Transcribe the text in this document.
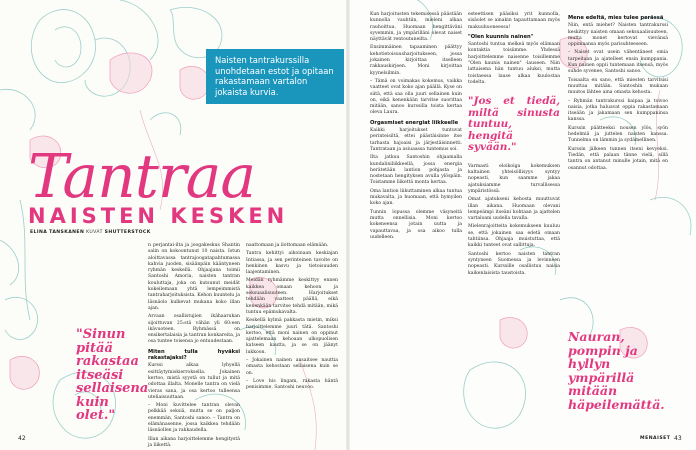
Naisten tantrakurssilla unohdetaan estot ja opitaan rakastamaan vartalon jokaista kurvia.
Tantraa
NAISTEN KESKEN
ELINA TANSKANEN KUVAT SHUTTERSTOCK

n perjantai-ilta ja joogakeskus Shantin salin on kokoontunut 10 naista. Istun aloittavassa tantrajoogatapahtumassa kahvia juoden, sisäänpäin kääntyneen ryhmän keskellä. Ohjaajana toimii Santoshi Amoria, naisten tantran kouluttaja, joka on kutsunut meidät kokeilemaan yhtä lempeimmistä tantraharjoituksista. Kehon kuuntelu ja läsnäolo kulkevat mukana koko illan ajan.

Arvaan osallistujien ikähaarukan sijoittuvan 25:stä vähän yli 60:een ikävuoteen. Ryhmässä on ensikertalaisia ja tantran konkareita, ja osa tuntee toisensa jo entuudestaan.

Miten tulla hyväksi rakastajaksi?

Kurssi alkaa lyhyellä esittäytymiskierroksella. Jokainen kertoo, mistä syystä on tullut ja mitä odottaa illalta. Monelle tantra on vielä vieras sana, ja osa kertoo tulleensa uteliaisuuttaan.

– Moni kuvittelee tantran olevan pelkkää seksiä, mutta se on paljon enemmän, Santoshi sanoo. – Tantra on elämänasenne, jossa kaikkea tehdään läsnäollen ja rakkaudella.

Illan aikana harjoittelemme hengitystä ja liikettä.

naattomaan ja ilottomaan elämään.

Tantra kehittyi aikoinaan keskiajan Intiassa, ja sen perinteinen tavoite on henkinen kasvu ja tietoisuuden laajentaminen.

Meidän ryhmämme keskittyy ennen kaikkea omaan kehoon ja seksuaalisuuteen. Harjoitukset tehdään vaatteet päällä, eikä kenenkään tarvitse tehdä mitään, mikä tuntuu epämukavalta.

Keskellä kylmä pakkasta mietin, miksi harjoittelemme juuri tätä. Santoshi kertoo, että moni nainen on oppinut ajattelemaan kehoaan ulkopuolisen katseen kautta, ja se on jäänyt lukkoon.

– Jokainen nainen ansaitsee nauttia omasta kehostaan sellaisena kuin se on.

– Love his lingam, rakasta häntä penisimme, Santoshi neuvoo.

"Sinun pitää rakastaa itseäsi sellaisena kuin olet."
42

Kun harjoitusten tekemisessä päästään kunnolla vauhtiin, mieleni alkaa rauhoittua. Huomaan hengittäväni syvemmin, ja ympärilläni olevat naiset näyttävät rentoutuneilta.

Ensimmäinen tapaaminen päättyy kehotietoisuusharjoitukseen, jossa jokainen kirjoittaa itselleen rakkauskirjeen. Moni kirjoittaa kyynelsilmin.

– Tämä on voimakas kokemus, vaikka vaatteet ovat koko ajan päällä. Kyse on siitä, että saa olla juuri sellainen kuin on, eikä kenenkään tarvitse suorittaa mitään, sanoo kurssilla toista kertaa oleva Laura.

Orgasmiset energiat liikkeelle

Kaikki harjoitukset tuntuvat perinteisiltä, ettei päästäisinne itse tarhasta hajoaisi ja järjestäisinnetti. Tantrataan ja asiuaassa tuntemus soi.

Ilta jatkuu Santoshin ohjaamalla kundaliniliikkeellä, jossa energia herätetään lantion pohjasta ja nostetaan hengityksen avulla ylöspäin. Toistamme liikettä monta kertaa.

Oma lantion liikuttaminen alkaa tuntua mukavalta, ja huomaan, että hymyilen koko ajan.

Tunnin lopussa olemme väsyneitä mutta onnellisia. Moni kertoo kokeneensa jotain uutta ja vapauttavaa, ja osa aikoo tulla uudelleen.

esteettisen pääsiksi yrit kunnolla, sisäolet se ainakin tapauttamaan myös makuuhuoneessa!

"Olen kuunnis nainen"

Santoshi tuntua melkeä myös elämaan kontaktia toisiimme. Yhdessä harjoittelemme naisenne toisillemme "Olen kaunis nainen" -lauseen. Niin lattaisena hän tuntuu aluksi, mutta toistaessa lause alkaa kuulostaa todelta.

"Jos et tiedä, miltä sinusta tuntuu, hengitä syvään."

Varmasti eloikoiga kokemuksen kaltainen yhteisöllisyys syntyy nopeasti, kun saamme jakaa ajatuksiamme turvallisessa ympäristössä.

Omat ajatukseni kehosta muuttuvat illan aikana. Huomaan olevani lempeämpi itseäni kohtaan ja ajattelen vartaloani uudella tavalla.

Mielenrajoitteita kokemukseen kuuluu se, että jokainen saa edetä omaan tahtiinsa. Ohjaaja muistuttaa, että kaikki tunteet ovat sallittuja.

Santoshi kertoo naisten tantran syntyneen Suomessa ja levinneen nopeasti. Kurssille osallistuu naisia kaikenlaisista taustoista.

Mene edeltä, mies tulee perässä

Niin, entä miehet? Naisten tantrakurssi keskittyy naisten omaan seksuaalisuuteen, mutta monet kertovat vievänsä oppimaansa myös parisuhteeseen.

– Naiset ovat usein vähentäneet omia tarpeitaan ja ajatelleet ensin kumppania. Kun nainen oppii tuntemaan itsensä, myös suhde syvenee, Santoshi sanoo.

Toisaalta en sano, että miesten tarvitsisi muuttaa mitään. Santoshin mukaan muutos lähtee aina omasta kehosta.

– Ryhmän tantrakurssi kaipaa ja toivoo naisia, jotka haluavat oppia rakastamaan itseään ja jakamaan sen kumppaninsa kanssa.

Kurssin päätteeksi nousen ylös, syön hedelmiä ja juttelen naisten kanssa. Tunnelma on lämmin ja sydämellinen.

Kurssin jälkeen tunnen itseni kevyeksi. Tiedän, että palaan tänne vielä, sillä tantra on antanut minulle jotain, mitä en osannut odottaa.

Nauran, pompin ja hyllyn ympärillä mitään häpeilemättä.
MENAISET 43
